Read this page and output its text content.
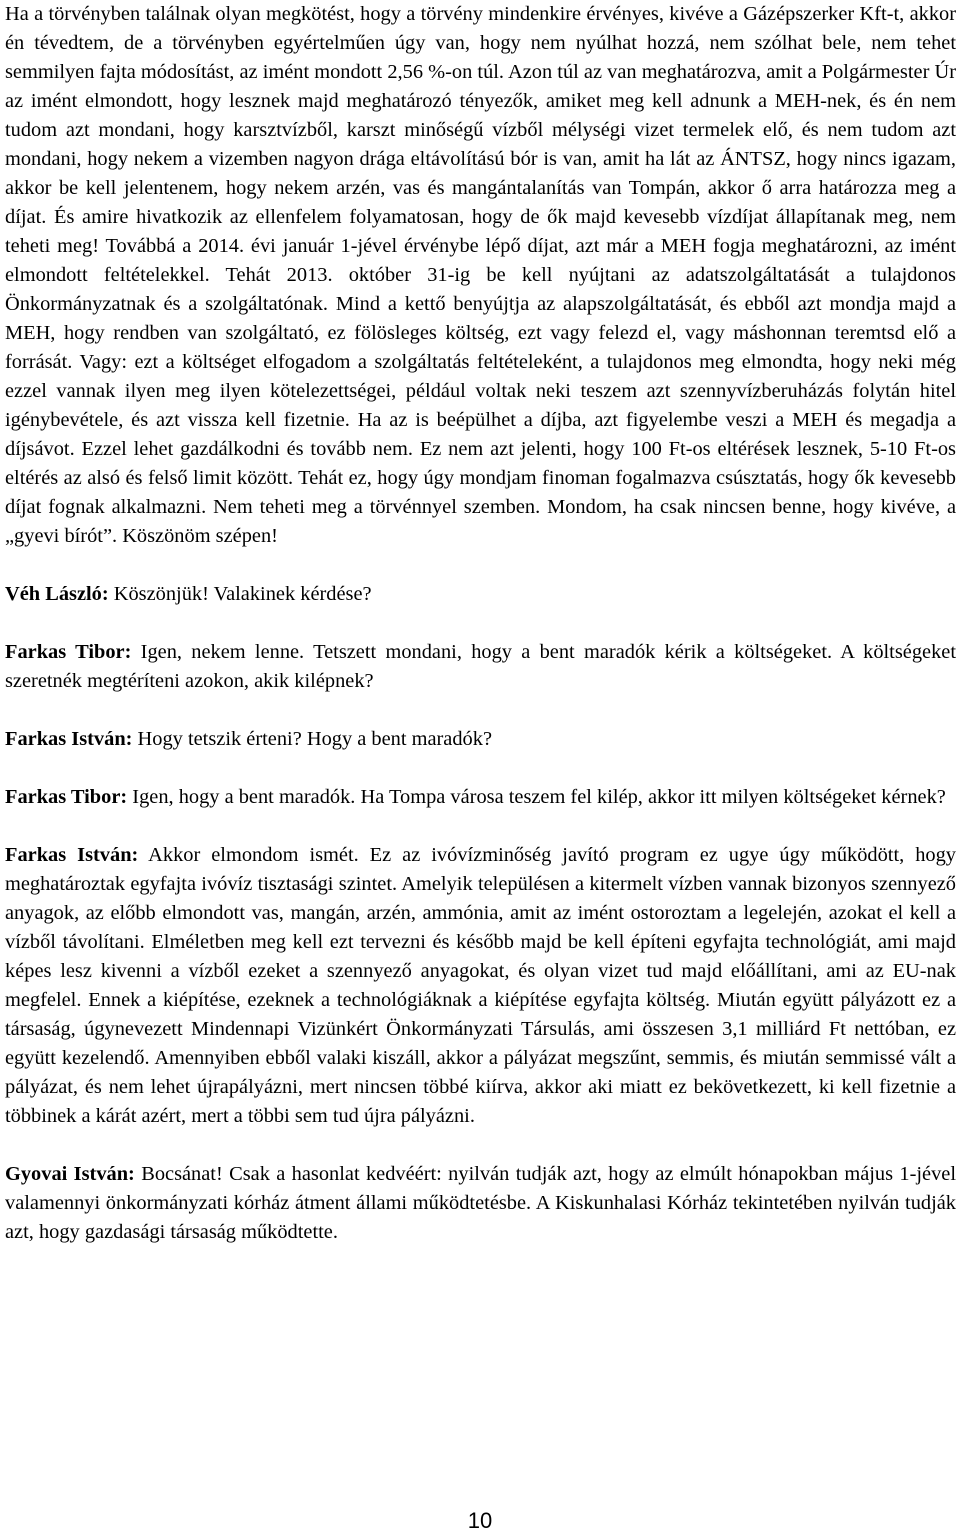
Ha a törvényben találnak olyan megkötést, hogy a törvény mindenkire érvényes, kivéve a Gázépszerker Kft-t, akkor én tévedtem, de a törvényben egyértelműen úgy van, hogy nem nyúlhat hozzá, nem szólhat bele, nem tehet semmilyen fajta módosítást, az imént mondott 2,56 %-on túl. Azon túl az van meghatározva, amit a Polgármester Úr az imént elmondott, hogy lesznek majd meghatározó tényezők, amiket meg kell adnunk a MEH-nek, és én nem tudom azt mondani, hogy karsztvízből, karszt minőségű vízből mélységi vizet termelek elő, és nem tudom azt mondani, hogy nekem a vizemben nagyon drága eltávolítású bór is van, amit ha lát az ÁNTSZ, hogy nincs igazam, akkor be kell jelentenem, hogy nekem arzén, vas és mangántalanítás van Tompán, akkor ő arra határozza meg a díjat. És amire hivatkozik az ellenfelem folyamatosan, hogy de ők majd kevesebb vízdíjat állapítanak meg, nem teheti meg! Továbbá a 2014. évi január 1-jével érvénybe lépő díjat, azt már a MEH fogja meghatározni, az imént elmondott feltételekkel. Tehát 2013. október 31-ig be kell nyújtani az adatszolgáltatását a tulajdonos Önkormányzatnak és a szolgáltatónak. Mind a kettő benyújtja az alapszolgáltatását, és ebből azt mondja majd a MEH, hogy rendben van szolgáltató, ez fölösleges költség, ezt vagy felezd el, vagy máshonnan teremtsd elő a forrását. Vagy: ezt a költséget elfogadom a szolgáltatás feltételeként, a tulajdonos meg elmondta, hogy neki még ezzel vannak ilyen meg ilyen kötelezettségei, például voltak neki teszem azt szennyvízberuházás folytán hitel igénybevétele, és azt vissza kell fizetnie. Ha az is beépülhet a díjba, azt figyelembe veszi a MEH és megadja a díjsávot. Ezzel lehet gazdálkodni és tovább nem. Ez nem azt jelenti, hogy 100 Ft-os eltérések lesznek, 5-10 Ft-os eltérés az alsó és felső limit között. Tehát ez, hogy úgy mondjam finoman fogalmazva csúsztatás, hogy ők kevesebb díjat fognak alkalmazni. Nem teheti meg a törvénnyel szemben. Mondom, ha csak nincsen benne, hogy kivéve, a „gyevi bírót”. Köszönöm szépen!

Véh László: Köszönjük! Valakinek kérdése?

Farkas Tibor: Igen, nekem lenne. Tetszett mondani, hogy a bent maradók kérik a költségeket. A költségeket szeretnék megtéríteni azokon, akik kilépnek?

Farkas István: Hogy tetszik érteni? Hogy a bent maradók?

Farkas Tibor: Igen, hogy a bent maradók. Ha Tompa városa teszem fel kilép, akkor itt milyen költségeket kérnek?

Farkas István: Akkor elmondom ismét. Ez az ivóvízminőség javító program ez ugye úgy működött, hogy meghatároztak egyfajta ivóvíz tisztasági szintet. Amelyik településen a kitermelt vízben vannak bizonyos szennyező anyagok, az előbb elmondott vas, mangán, arzén, ammónia, amit az imént ostoroztam a legelején, azokat el kell a vízből távolítani. Elméletben meg kell ezt tervezni és később majd be kell építeni egyfajta technológiát, ami majd képes lesz kivenni a vízből ezeket a szennyező anyagokat, és olyan vizet tud majd előállítani, ami az EU-nak megfelel. Ennek a kiépítése, ezeknek a technológiáknak a kiépítése egyfajta költség. Miután együtt pályázott ez a társaság, úgynevezett Mindennapi Vizünkért Önkormányzati Társulás, ami összesen 3,1 milliárd Ft nettóban, ez együtt kezelendő. Amennyiben ebből valaki kiszáll, akkor a pályázat megszűnt, semmis, és miután semmissé vált a pályázat, és nem lehet újrapályázni, mert nincsen többé kiírva, akkor aki miatt ez bekövetkezett, ki kell fizetnie a többinek a kárát azért, mert a többi sem tud újra pályázni.

Gyovai István: Bocsánat! Csak a hasonlat kedvéért: nyilván tudják azt, hogy az elmúlt hónapokban május 1-jével valamennyi önkormányzati kórház átment állami működtetésbe. A Kiskunhalasi Kórház tekintetében nyilván tudják azt, hogy gazdasági társaság működtette.

10
